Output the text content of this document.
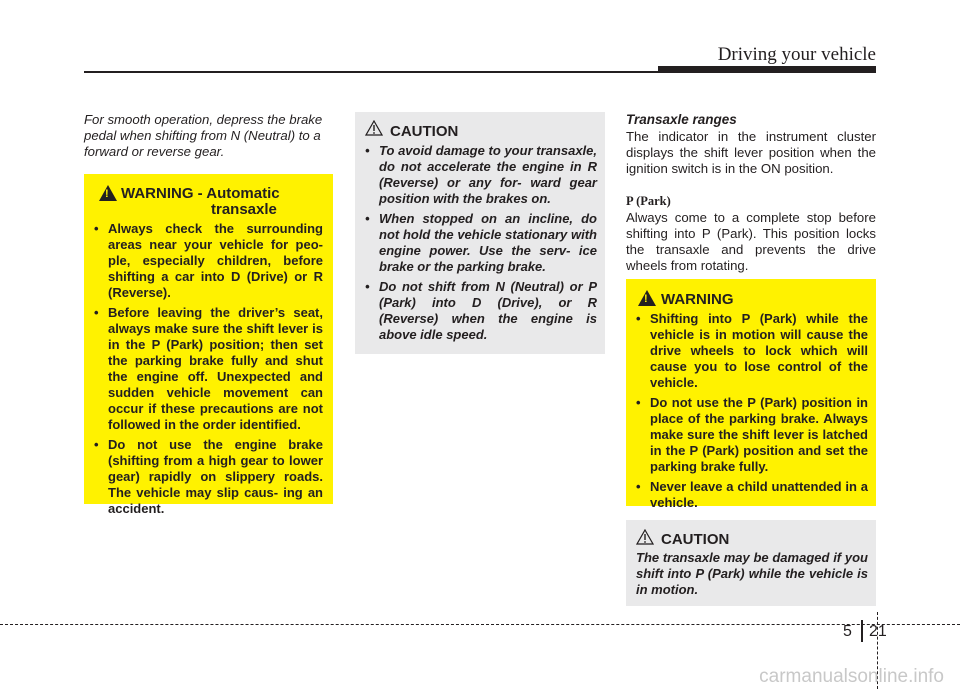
Driving your vehicle
For smooth operation, depress the brake pedal when shifting from N (Neutral) to a forward or reverse gear.
!
WARNING - Automatic
transaxle
• Always check the surrounding areas near your vehicle for peo- ple, especially children, before shifting a car into D (Drive) or R (Reverse).
• Before leaving the driver’s seat, always make sure the shift lever is in the P (Park) position; then set the parking brake fully and shut the engine off. Unexpected and sudden vehicle movement can occur if these precautions are not followed in the order identified.
• Do not use the engine brake (shifting from a high gear to lower gear) rapidly on slippery roads. The vehicle may slip caus- ing an accident.
CAUTION
• To avoid damage to your transaxle, do not accelerate the engine in R (Reverse) or any for- ward gear position with the brakes on.
• When stopped on an incline, do not hold the vehicle stationary with engine power. Use the serv- ice brake or the parking brake.
• Do not shift from N (Neutral) or P (Park) into D (Drive), or R (Reverse) when the engine is above idle speed.
Transaxle ranges
The indicator in the instrument cluster displays the shift lever position when the ignition switch is in the ON position.
P (Park)
Always come to a complete stop before shifting into P (Park). This position locks the transaxle and prevents the drive wheels from rotating.
!
WARNING
• Shifting into P (Park) while the vehicle is in motion will cause the drive wheels to lock which will cause you to lose control of the vehicle.
• Do not use the P (Park) position in place of the parking brake. Always make sure the shift lever is latched in the P (Park) position and set the parking brake fully.
• Never leave a child unattended in a vehicle.
CAUTION
The transaxle may be damaged if you shift into P (Park) while the vehicle is in motion.
5 21
carmanualsonline.info
